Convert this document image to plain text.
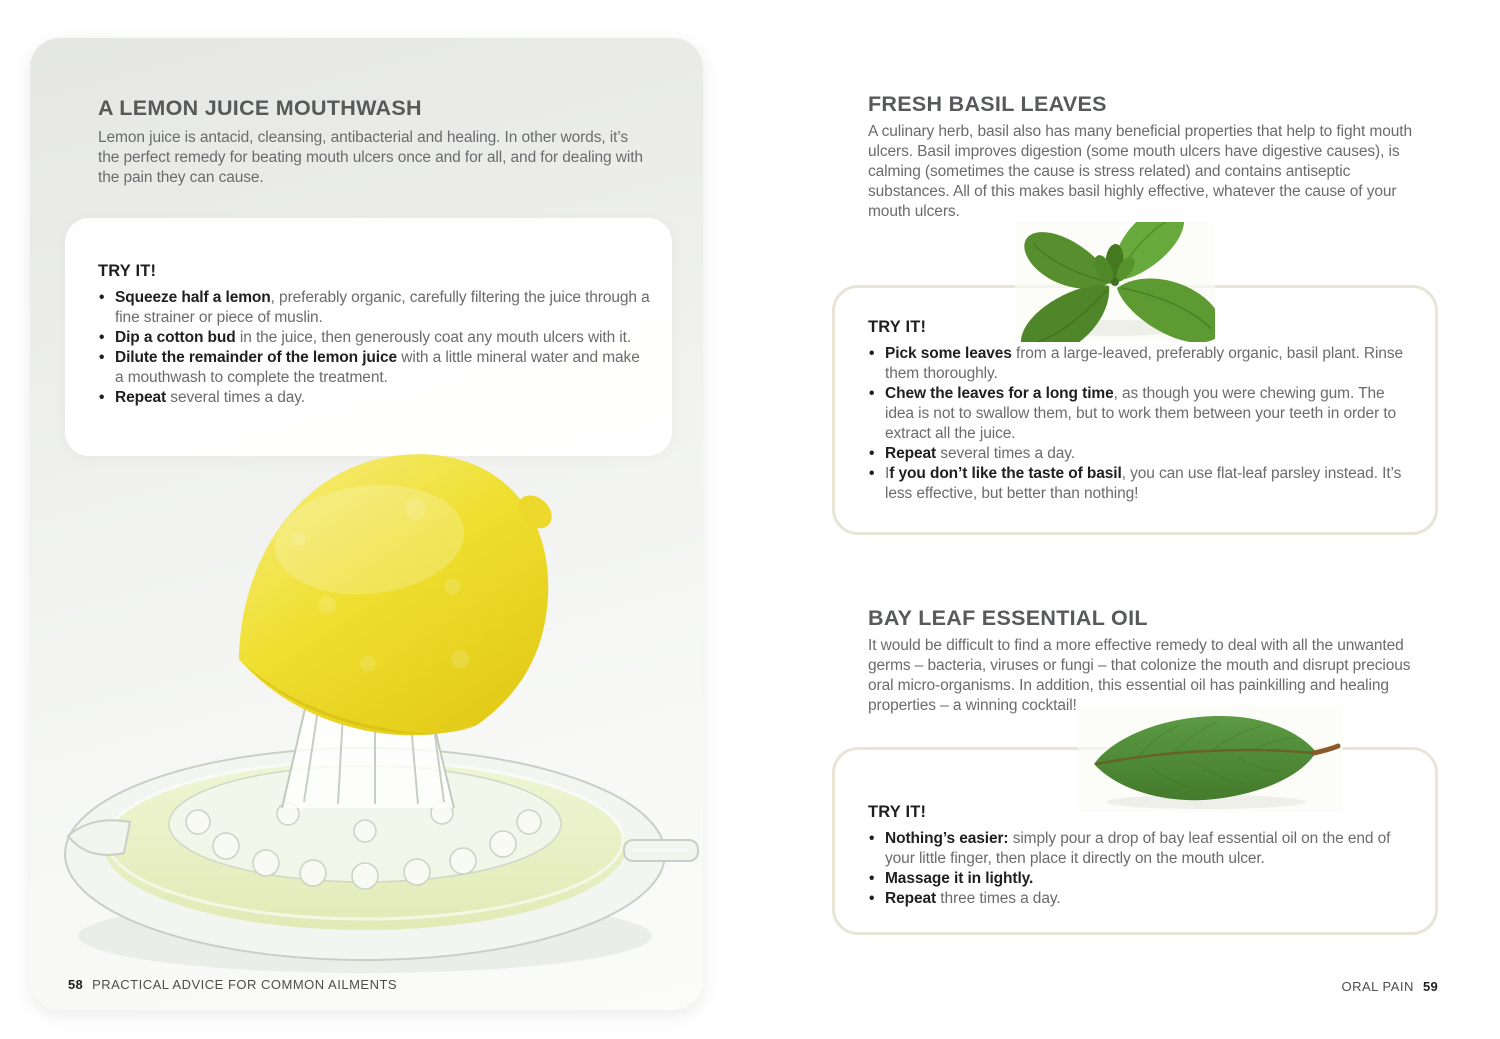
A LEMON JUICE MOUTHWASH
Lemon juice is antacid, cleansing, antibacterial and healing. In other words, it’s the perfect remedy for beating mouth ulcers once and for all, and for dealing with the pain they can cause.

TRY IT!

• Squeeze half a lemon, preferably organic, carefully filtering the juice through a fine strainer or piece of muslin.
• Dip a cotton bud in the juice, then generously coat any mouth ulcers with it.
• Dilute the remainder of the lemon juice with a little mineral water and make a mouthwash to complete the treatment.
• Repeat several times a day.
58 PRACTICAL ADVICE FOR COMMON AILMENTS
FRESH BASIL LEAVES
A culinary herb, basil also has many beneficial properties that help to fight mouth ulcers. Basil improves digestion (some mouth ulcers have digestive causes), is calming (sometimes the cause is stress related) and contains antiseptic substances. All of this makes basil highly effective, whatever the cause of your mouth ulcers.

TRY IT!

• Pick some leaves from a large-leaved, preferably organic, basil plant. Rinse them thoroughly.
• Chew the leaves for a long time, as though you were chewing gum. The idea is not to swallow them, but to work them between your teeth in order to extract all the juice.
• Repeat several times a day.
• If you don’t like the taste of basil, you can use flat-leaf parsley instead. It’s less effective, but better than nothing!
BAY LEAF ESSENTIAL OIL
It would be difficult to find a more effective remedy to deal with all the unwanted germs – bacteria, viruses or fungi – that colonize the mouth and disrupt precious oral micro-organisms. In addition, this essential oil has painkilling and healing properties – a winning cocktail!

TRY IT!

• Nothing’s easier: simply pour a drop of bay leaf essential oil on the end of your little finger, then place it directly on the mouth ulcer.
• Massage it in lightly.
• Repeat three times a day.
ORAL PAIN 59
